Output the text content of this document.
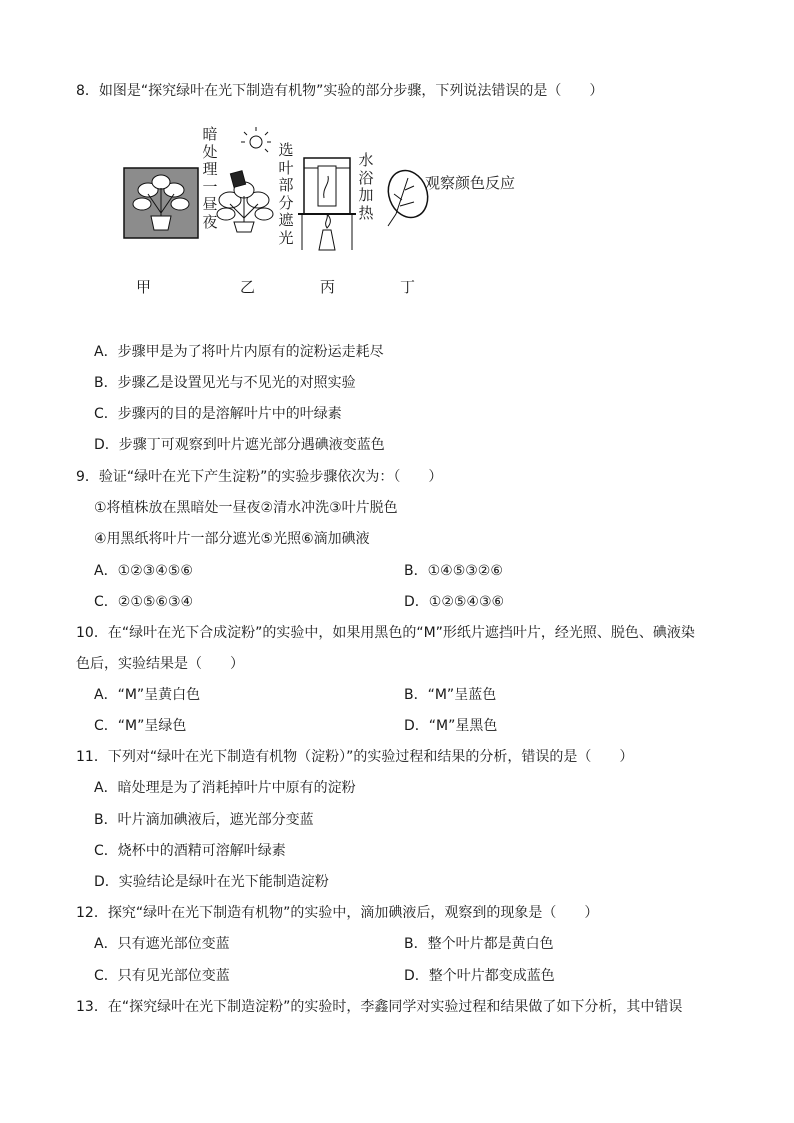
8．如图是“探究绿叶在光下制造有机物”实验的部分步骤，下列说法错误的是（　　）
暗
处
理
一
昼
夜
选
叶
部
分
遮
光
水
浴
加
热
观察颜色反应
甲	乙	丙	丁
A．步骤甲是为了将叶片内原有的淀粉运走耗尽
B．步骤乙是设置见光与不见光的对照实验
C．步骤丙的目的是溶解叶片中的叶绿素
D．步骤丁可观察到叶片遮光部分遇碘液变蓝色
9．验证“绿叶在光下产生淀粉”的实验步骤依次为：（　　）
①将植株放在黑暗处一昼夜②清水冲洗③叶片脱色
④用黑纸将叶片一部分遮光⑤光照⑥滴加碘液
A．①②③④⑤⑥	B．①④⑤③②⑥
C．②①⑤⑥③④	D．①②⑤④③⑥
10．在“绿叶在光下合成淀粉”的实验中，如果用黑色的“M”形纸片遮挡叶片，经光照、脱色、碘液染
色后，实验结果是（　　）
A．“M”呈黄白色	B．“M”呈蓝色
C．“M”呈绿色	D．“M”星黑色
11．下列对“绿叶在光下制造有机物（淀粉）”的实验过程和结果的分析，错误的是（　　）
A．暗处理是为了消耗掉叶片中原有的淀粉
B．叶片滴加碘液后，遮光部分变蓝
C．烧杯中的酒精可溶解叶绿素
D．实验结论是绿叶在光下能制造淀粉
12．探究“绿叶在光下制造有机物”的实验中，滴加碘液后，观察到的现象是（　　）
A．只有遮光部位变蓝	B．整个叶片都是黄白色
C．只有见光部位变蓝	D．整个叶片都变成蓝色
13．在“探究绿叶在光下制造淀粉”的实验时，李鑫同学对实验过程和结果做了如下分析，其中错误
